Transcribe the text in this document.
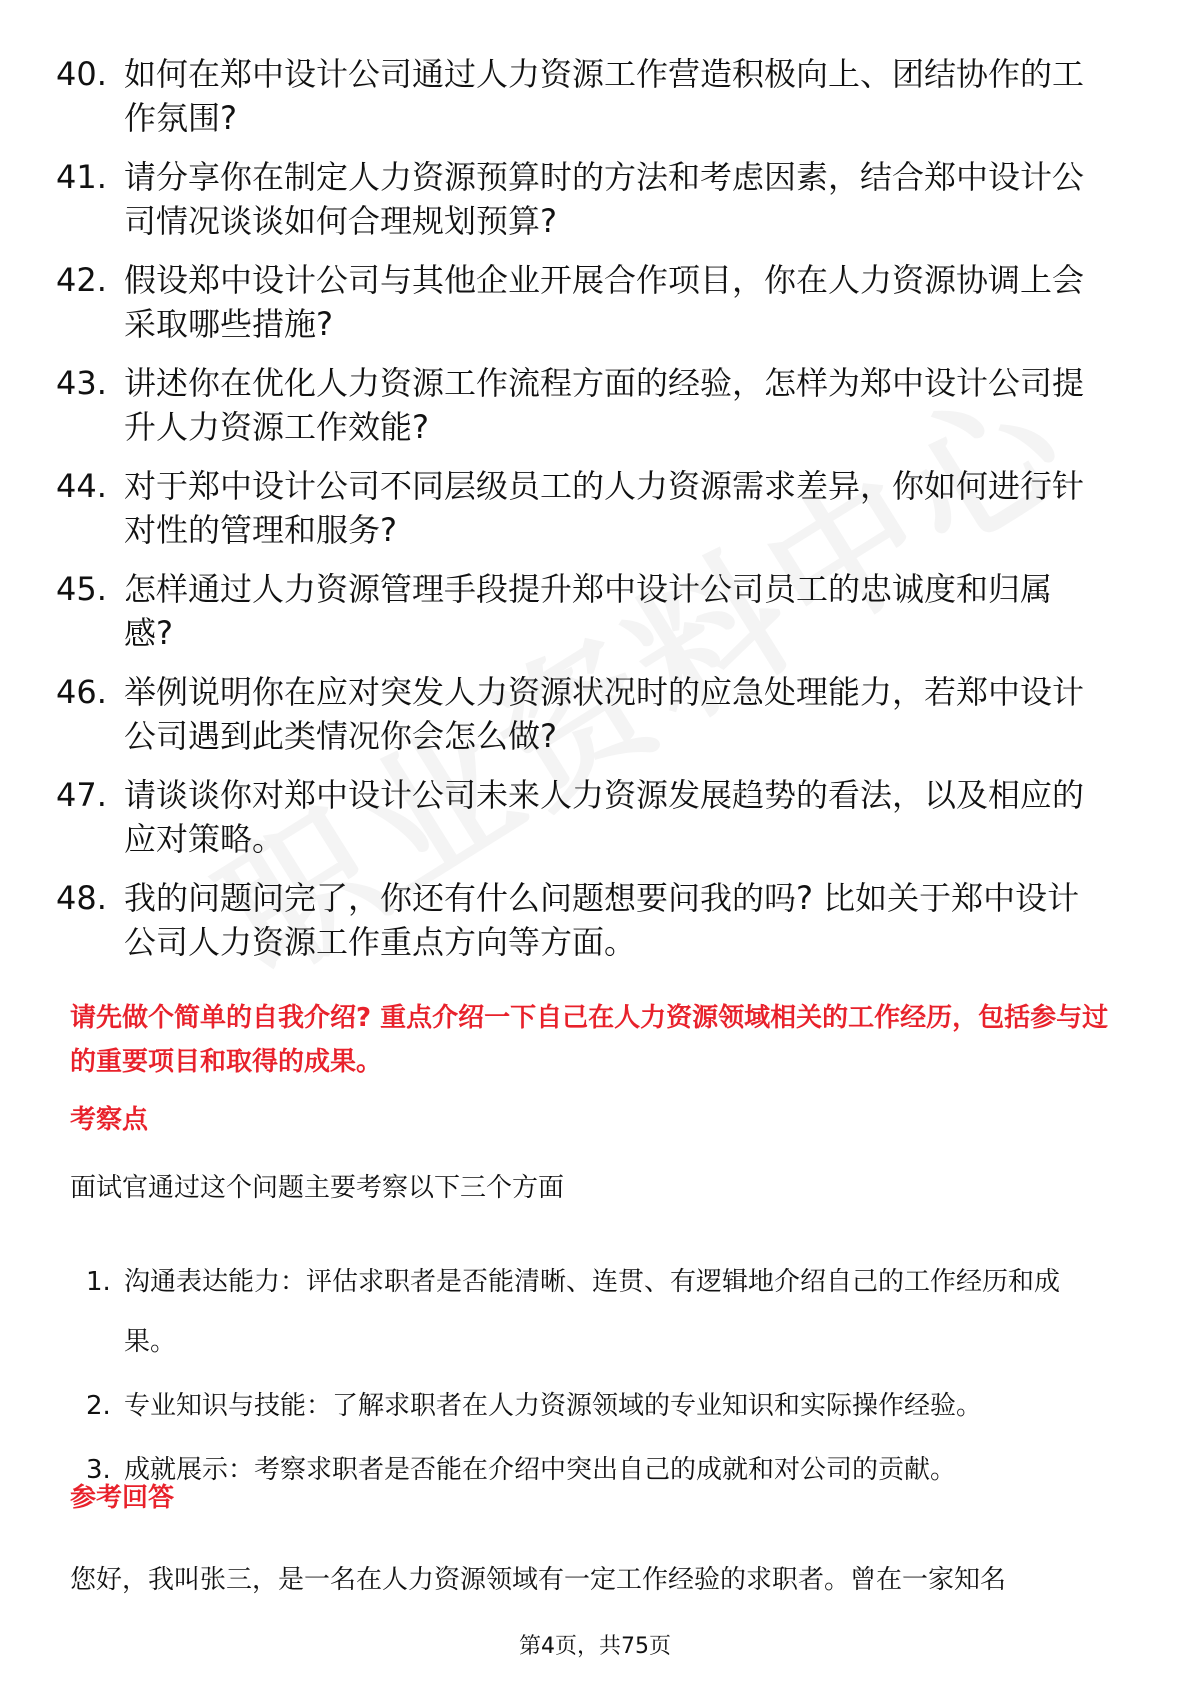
40. 如何在郑中设计公司通过人力资源工作营造积极向上、团结协作的工作氛围?
41. 请分享你在制定人力资源预算时的方法和考虑因素，结合郑中设计公司情况谈谈如何合理规划预算?
42. 假设郑中设计公司与其他企业开展合作项目，你在人力资源协调上会采取哪些措施?
43. 讲述你在优化人力资源工作流程方面的经验，怎样为郑中设计公司提升人力资源工作效能?
44. 对于郑中设计公司不同层级员工的人力资源需求差异，你如何进行针对性的管理和服务?
45. 怎样通过人力资源管理手段提升郑中设计公司员工的忠诚度和归属感?
46. 举例说明你在应对突发人力资源状况时的应急处理能力，若郑中设计公司遇到此类情况你会怎么做?
47. 请谈谈你对郑中设计公司未来人力资源发展趋势的看法，以及相应的应对策略。
48. 我的问题问完了，你还有什么问题想要问我的吗? 比如关于郑中设计公司人力资源工作重点方向等方面。
请先做个简单的自我介绍? 重点介绍一下自己在人力资源领域相关的工作经历，包括参与过的重要项目和取得的成果。
考察点
面试官通过这个问题主要考察以下三个方面
1. 沟通表达能力：评估求职者是否能清晰、连贯、有逻辑地介绍自己的工作经历和成果。
2. 专业知识与技能：了解求职者在人力资源领域的专业知识和实际操作经验。
3. 成就展示：考察求职者是否能在介绍中突出自己的成就和对公司的贡献。
参考回答
您好，我叫张三，是一名在人力资源领域有一定工作经验的求职者。曾在一家知名
第4页，共75页
